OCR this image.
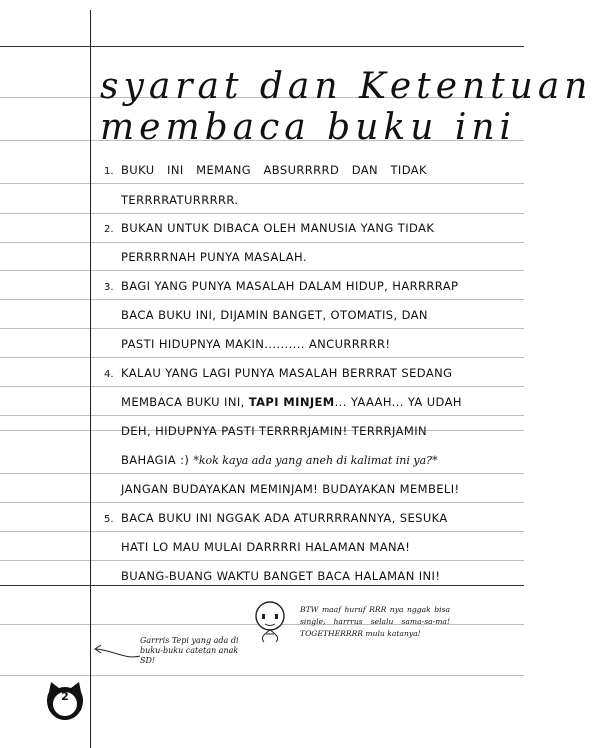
syarat dan Ketentuan
membaca buku ini
1. BUKU INI MEMANG ABSURRRRD DAN TIDAK
TERRRRATURRRRR.
2. BUKAN UNTUK DIBACA OLEH MANUSIA YANG TIDAK
PERRRRNAH PUNYA MASALAH.
3. BAGI YANG PUNYA MASALAH DALAM HIDUP, HARRRRAP
BACA BUKU INI, DIJAMIN BANGET, OTOMATIS, DAN
PASTI HIDUPNYA MAKIN.......... ANCURRRRR!
4. KALAU YANG LAGI PUNYA MASALAH BERRRAT SEDANG
MEMBACA BUKU INI, TAPI MINJEM... YAAAH... YA UDAH
DEH, HIDUPNYA PASTI TERRRRJAMIN! TERRRJAMIN
BAHAGIA :) *kok kaya ada yang aneh di kalimat ini ya?*
JANGAN BUDAYAKAN MEMINJAM! BUDAYAKAN MEMBELI!
5. BACA BUKU INI NGGAK ADA ATURRRRANNYA, SESUKA
HATI LO MAU MULAI DARRRRI HALAMAN MANA!
BUANG-BUANG WAKTU BANGET BACA HALAMAN INI!
Garrris Tepi yang ada di buku-buku catetan anak SD!
BTW maaf huruf RRR nya nggak bisa single, harrrus selalu sama-sa-ma! TOGETHERRRR mulu katanya!
2
